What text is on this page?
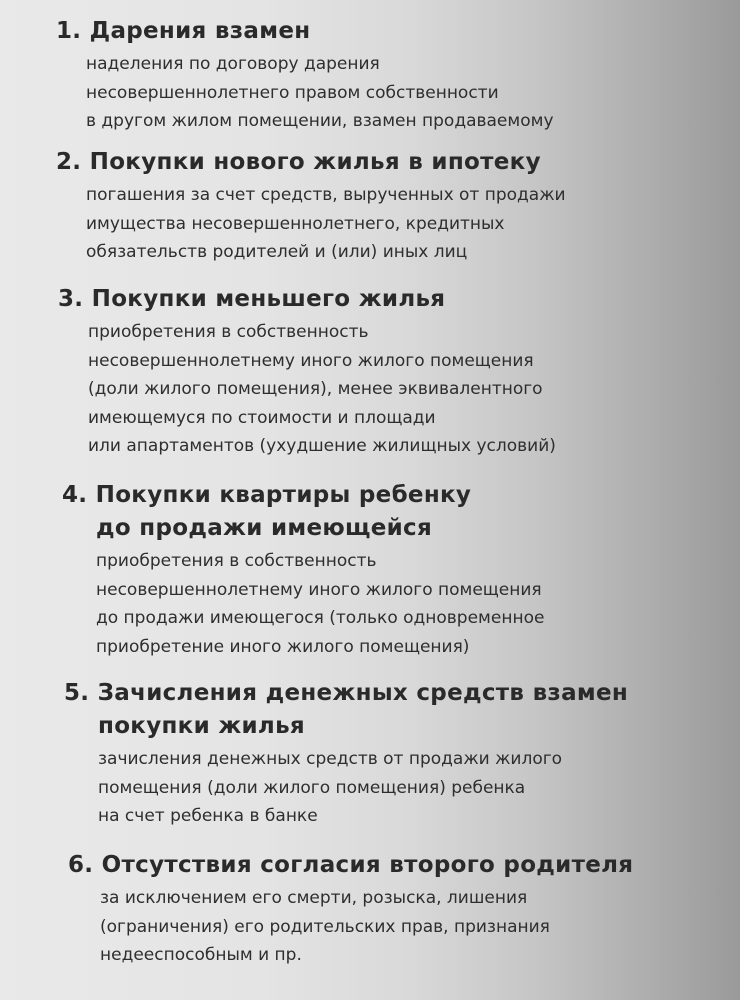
1. Дарения взамен

наделения по договору дарения
несовершеннолетнего правом собственности
в другом жилом помещении, взамен продаваемому

2. Покупки нового жилья в ипотеку

погашения за счет средств, вырученных от продажи
имущества несовершеннолетнего, кредитных
обязательств родителей и (или) иных лиц

3. Покупки меньшего жилья

приобретения в собственность
несовершеннолетнему иного жилого помещения
(доли жилого помещения), менее эквивалентного
имеющемуся по стоимости и площади
или апартаментов (ухудшение жилищных условий)

4. Покупки квартиры ребенку
до продажи имеющейся

приобретения в собственность
несовершеннолетнему иного жилого помещения
до продажи имеющегося (только одновременное
приобретение иного жилого помещения)

5. Зачисления денежных средств взамен
покупки жилья

зачисления денежных средств от продажи жилого
помещения (доли жилого помещения) ребенка
на счет ребенка в банке

6. Отсутствия согласия второго родителя

за исключением его смерти, розыска, лишения
(ограничения) его родительских прав, признания
недееспособным и пр.
